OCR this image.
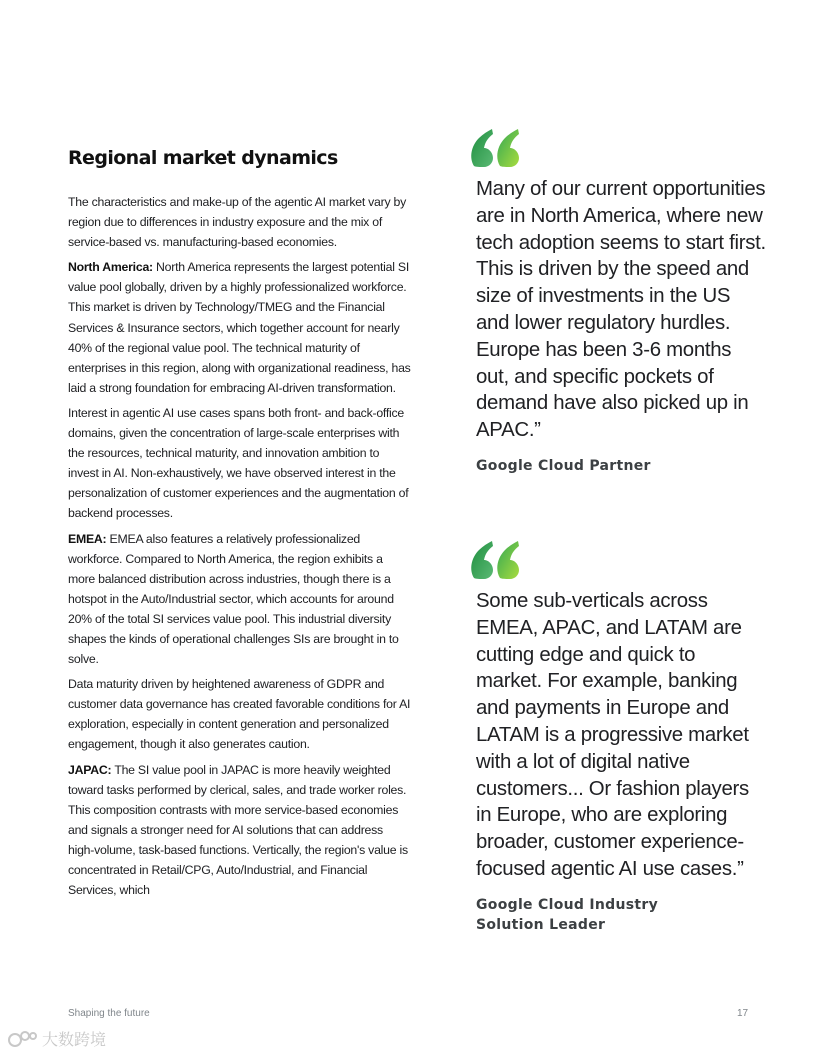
Regional market dynamics

The characteristics and make-up of the agentic AI market vary by region due to differences in industry exposure and the mix of service-based vs. manufacturing-based economies.

North America: North America represents the largest potential SI value pool globally, driven by a highly professionalized workforce. This market is driven by Technology/TMEG and the Financial Services & Insurance sectors, which together account for nearly 40% of the regional value pool. The technical maturity of enterprises in this region, along with organizational readiness, has laid a strong foundation for embracing AI-driven transformation.

Interest in agentic AI use cases spans both front- and back-office domains, given the concentration of large-scale enterprises with the resources, technical maturity, and innovation ambition to invest in AI. Non-exhaustively, we have observed interest in the personalization of customer experiences and the augmentation of backend processes.

EMEA: EMEA also features a relatively professionalized workforce. Compared to North America, the region exhibits a more balanced distribution across industries, though there is a hotspot in the Auto/Industrial sector, which accounts for around 20% of the total SI services value pool. This industrial diversity shapes the kinds of operational challenges SIs are brought in to solve.

Data maturity driven by heightened awareness of GDPR and customer data governance has created favorable conditions for AI exploration, especially in content generation and personalized engagement, though it also generates caution.

JAPAC: The SI value pool in JAPAC is more heavily weighted toward tasks performed by clerical, sales, and trade worker roles. This composition contrasts with more service-based economies and signals a stronger need for AI solutions that can address high-volume, task-based functions. Vertically, the region's value is concentrated in Retail/CPG, Auto/Industrial, and Financial Services, which

Many of our current opportunities are in North America, where new tech adoption seems to start first. This is driven by the speed and size of investments in the US and lower regulatory hurdles. Europe has been 3-6 months out, and specific pockets of demand have also picked up in APAC.”

Google Cloud Partner

Some sub-verticals across EMEA, APAC, and LATAM are cutting edge and quick to market. For example, banking and payments in Europe and LATAM is a progressive market with a lot of digital native customers... Or fashion players in Europe, who are exploring broader, customer experience-focused agentic AI use cases.”

Google Cloud Industry Solution Leader
Shaping the future	17
大数跨境
